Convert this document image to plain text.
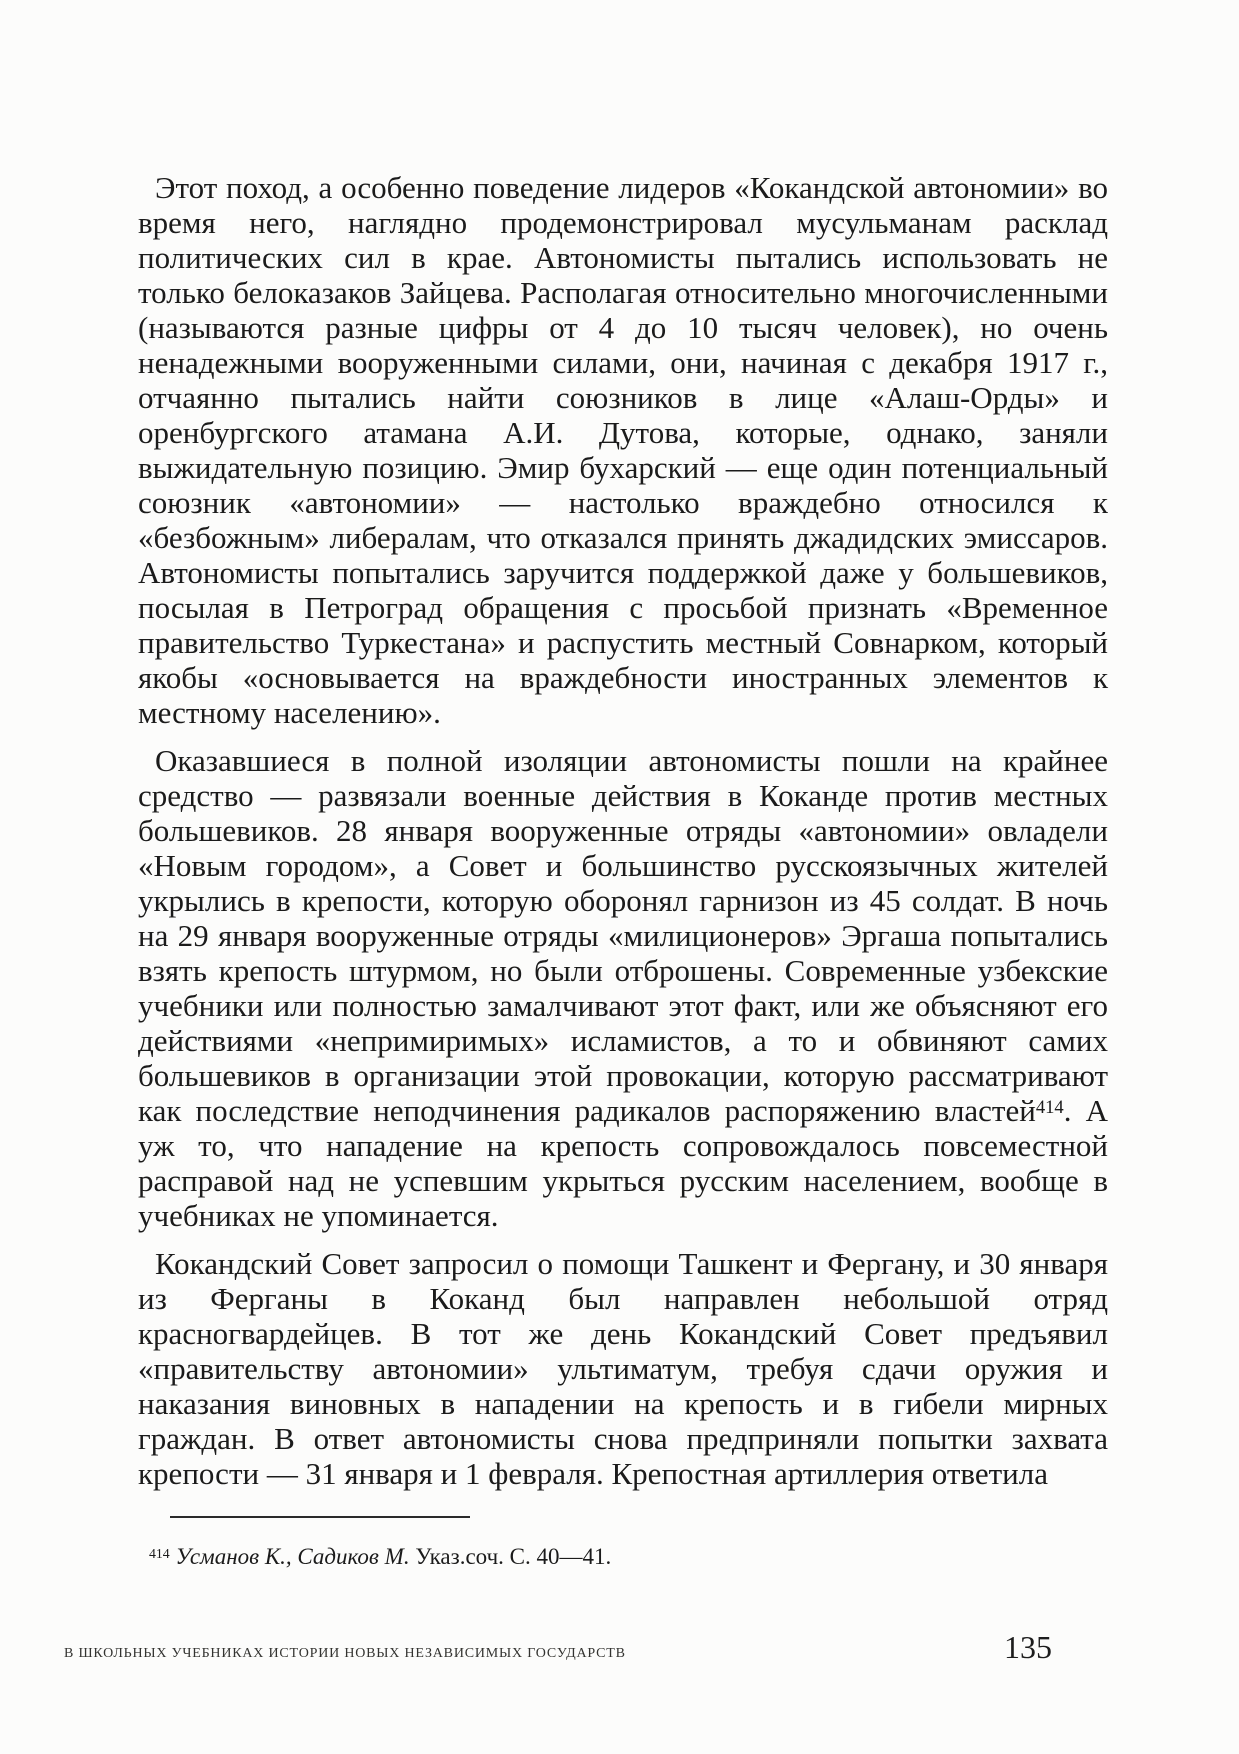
Этот поход, а особенно поведение лидеров «Кокандской автономии» во время него, наглядно продемонстрировал мусульманам расклад политических сил в крае. Автономисты пытались использовать не только белоказаков Зайцева. Располагая относительно многочисленными (называются разные цифры от 4 до 10 тысяч человек), но очень ненадежными вооруженными силами, они, начиная с декабря 1917 г., отчаянно пытались найти союзников в лице «Алаш-Орды» и оренбургского атамана А.И. Дутова, которые, однако, заняли выжидательную позицию. Эмир бухарский — еще один потенциальный союзник «автономии» — настолько враждебно относился к «безбожным» либералам, что отказался принять джадидских эмиссаров. Автономисты попытались заручится поддержкой даже у большевиков, посылая в Петроград обращения с просьбой признать «Временное правительство Туркестана» и распустить местный Совнарком, который якобы «основывается на враждебности иностранных элементов к местному населению».

Оказавшиеся в полной изоляции автономисты пошли на крайнее средство — развязали военные действия в Коканде против местных большевиков. 28 января вооруженные отряды «автономии» овладели «Новым городом», а Совет и большинство русскоязычных жителей укрылись в крепости, которую оборонял гарнизон из 45 солдат. В ночь на 29 января вооруженные отряды «милиционеров» Эргаша попытались взять крепость штурмом, но были отброшены. Современные узбекские учебники или полностью замалчивают этот факт, или же объясняют его действиями «непримиримых» исламистов, а то и обвиняют самих большевиков в организации этой провокации, которую рассматривают как последствие неподчинения радикалов распоряжению властей$^{414}$. А уж то, что нападение на крепость сопровождалось повсеместной расправой над не успевшим укрыться русским населением, вообще в учебниках не упоминается.

Кокандский Совет запросил о помощи Ташкент и Фергану, и 30 января из Ферганы в Коканд был направлен небольшой отряд красногвардейцев. В тот же день Кокандский Совет предъявил «правительству автономии» ультиматум, требуя сдачи оружия и наказания виновных в нападении на крепость и в гибели мирных граждан. В ответ автономисты снова предприняли попытки захвата крепости — 31 января и 1 февраля. Крепостная артиллерия ответила

$^{414}$ Усманов К., Садиков М. Указ.соч. С. 40—41.

В ШКОЛЬНЫХ УЧЕБНИКАХ ИСТОРИИ НОВЫХ НЕЗАВИСИМЫХ ГОСУДАРСТВ	135
